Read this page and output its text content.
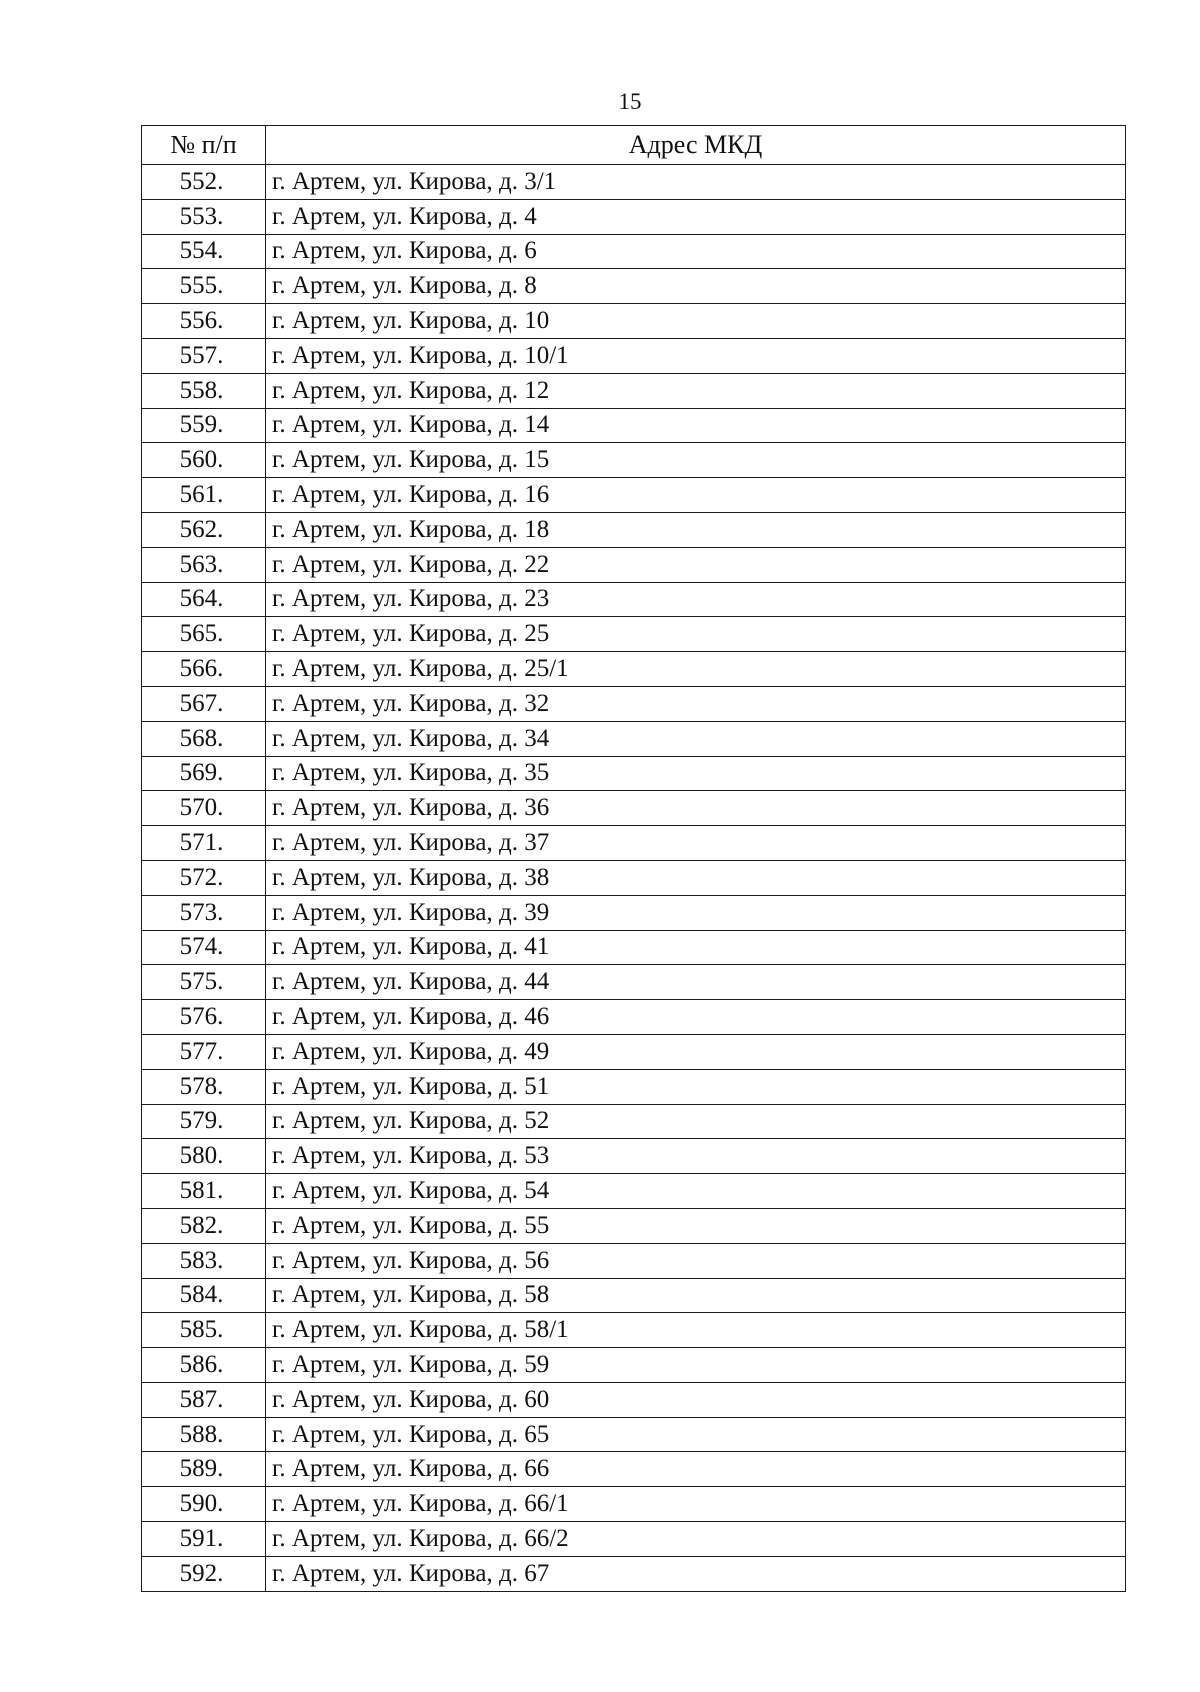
15
№ п/п	Адрес МКД
552.	г. Артем, ул. Кирова, д. 3/1
553.	г. Артем, ул. Кирова, д. 4
554.	г. Артем, ул. Кирова, д. 6
555.	г. Артем, ул. Кирова, д. 8
556.	г. Артем, ул. Кирова, д. 10
557.	г. Артем, ул. Кирова, д. 10/1
558.	г. Артем, ул. Кирова, д. 12
559.	г. Артем, ул. Кирова, д. 14
560.	г. Артем, ул. Кирова, д. 15
561.	г. Артем, ул. Кирова, д. 16
562.	г. Артем, ул. Кирова, д. 18
563.	г. Артем, ул. Кирова, д. 22
564.	г. Артем, ул. Кирова, д. 23
565.	г. Артем, ул. Кирова, д. 25
566.	г. Артем, ул. Кирова, д. 25/1
567.	г. Артем, ул. Кирова, д. 32
568.	г. Артем, ул. Кирова, д. 34
569.	г. Артем, ул. Кирова, д. 35
570.	г. Артем, ул. Кирова, д. 36
571.	г. Артем, ул. Кирова, д. 37
572.	г. Артем, ул. Кирова, д. 38
573.	г. Артем, ул. Кирова, д. 39
574.	г. Артем, ул. Кирова, д. 41
575.	г. Артем, ул. Кирова, д. 44
576.	г. Артем, ул. Кирова, д. 46
577.	г. Артем, ул. Кирова, д. 49
578.	г. Артем, ул. Кирова, д. 51
579.	г. Артем, ул. Кирова, д. 52
580.	г. Артем, ул. Кирова, д. 53
581.	г. Артем, ул. Кирова, д. 54
582.	г. Артем, ул. Кирова, д. 55
583.	г. Артем, ул. Кирова, д. 56
584.	г. Артем, ул. Кирова, д. 58
585.	г. Артем, ул. Кирова, д. 58/1
586.	г. Артем, ул. Кирова, д. 59
587.	г. Артем, ул. Кирова, д. 60
588.	г. Артем, ул. Кирова, д. 65
589.	г. Артем, ул. Кирова, д. 66
590.	г. Артем, ул. Кирова, д. 66/1
591.	г. Артем, ул. Кирова, д. 66/2
592.	г. Артем, ул. Кирова, д. 67
